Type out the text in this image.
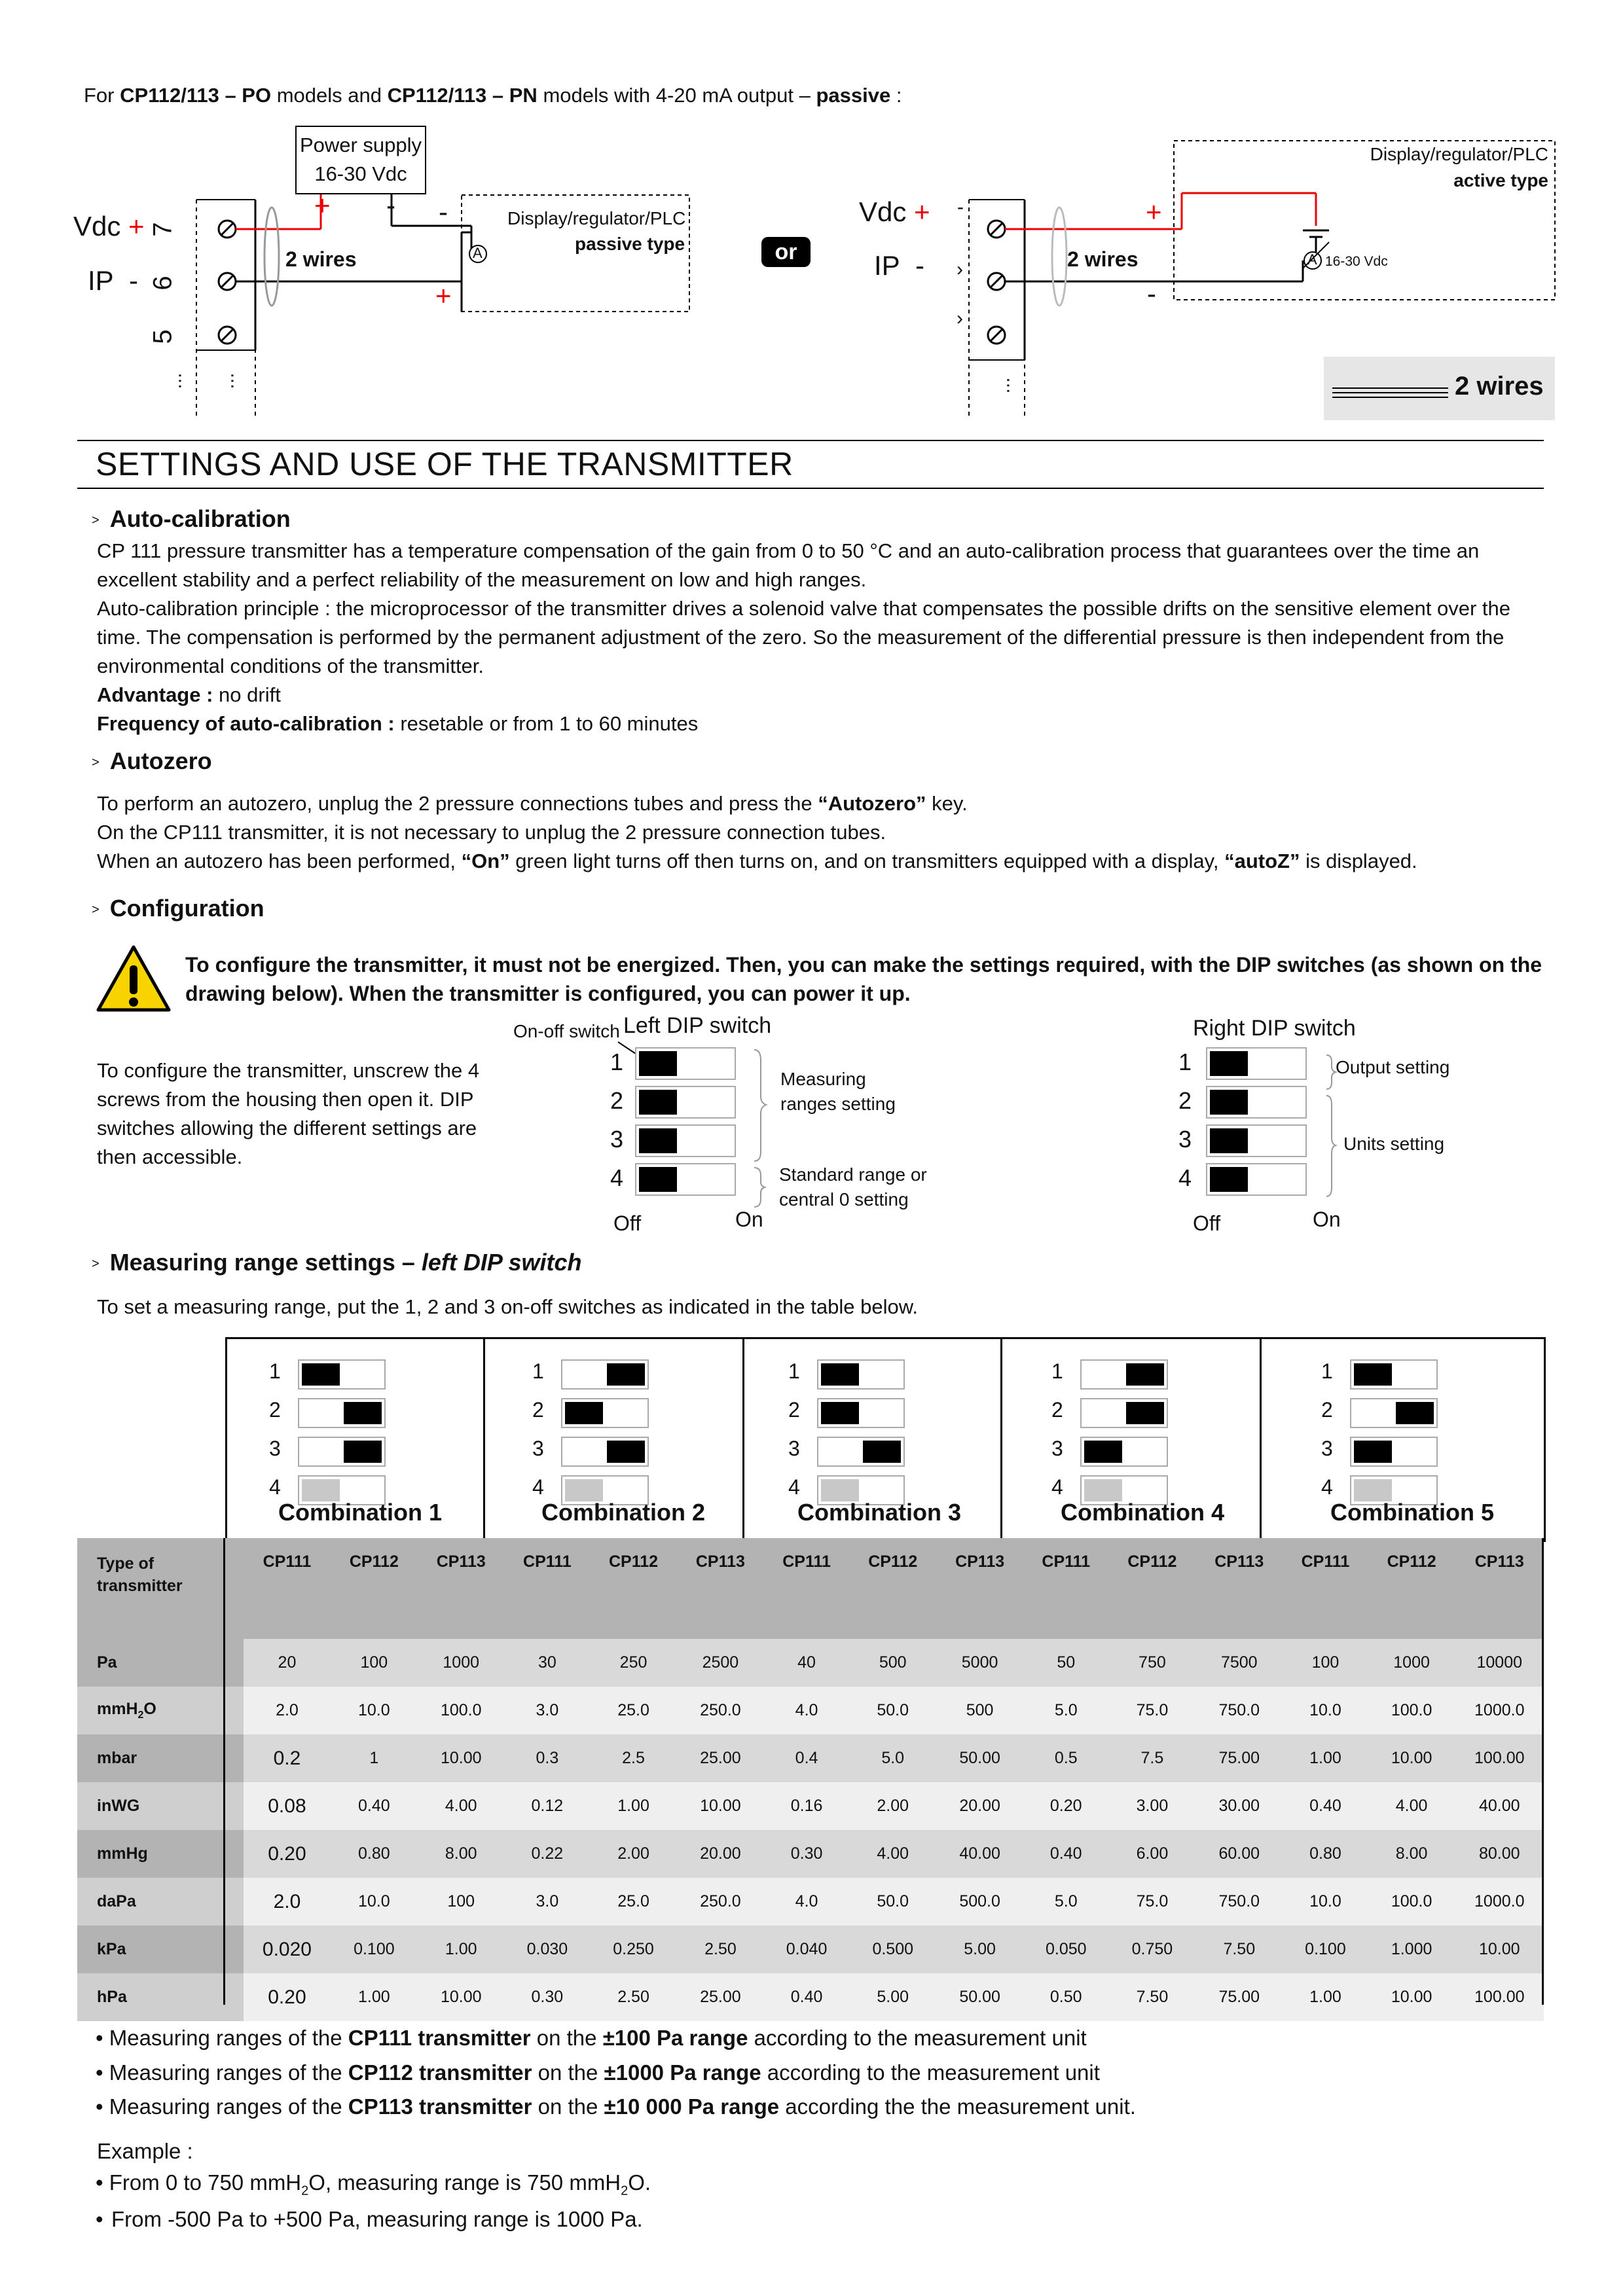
For CP112/113 – PO models and CP112/113 – PN models with 4-20 mA output – passive :
Power supply
16-30 Vdc
+ - -
+
Vdc +
IP -
7
6
5
... ...
2 wires
Display/regulator/PLC
passive type
A	or
Vdc +
IP -
-
›
›
+
-
2 wires
Display/regulator/PLC
active type
A 16-30 Vdc
...	2 wires
SETTINGS AND USE OF THE TRANSMITTER
> Auto-calibration

CP 111 pressure transmitter has a temperature compensation of the gain from 0 to 50 °C and an auto-calibration process that guarantees over the time an
excellent stability and a perfect reliability of the measurement on low and high ranges.
Auto-calibration principle : the microprocessor of the transmitter drives a solenoid valve that compensates the possible drifts on the sensitive element over the
time. The compensation is performed by the permanent adjustment of the zero. So the measurement of the differential pressure is then independent from the
environmental conditions of the transmitter.
Advantage : no drift
Frequency of auto-calibration : resetable or from 1 to 60 minutes

> Autozero

To perform an autozero, unplug the 2 pressure connections tubes and press the “Autozero” key.
On the CP111 transmitter, it is not necessary to unplug the 2 pressure connection tubes.
When an autozero has been performed, “On” green light turns off then turns on, and on transmitters equipped with a display, “autoZ” is displayed.

> Configuration
To configure the transmitter, it must not be energized. Then, you can make the settings required, with the DIP switches (as shown on the
drawing below). When the transmitter is configured, you can power it up.
To configure the transmitter, unscrew the 4
screws from the housing then open it. DIP
switches allowing the different settings are
then accessible.
On-off switch Left DIP switch
1
2
3
4
Off	On
Measuring
ranges setting
Standard range or
central 0 setting
Right DIP switch
1
2
3
4
Off	On
Output setting
Units setting
> Measuring range settings – left DIP switch
To set a measuring range, put the 1, 2 and 3 on-off switches as indicated in the table below.
1
2
3
4
Combination 1
1
2
3
4
Combination 2
1
2
3
4
Combination 3
1
2
3
4
Combination 4
1
2
3
4
Combination 5
Type of
transmitter	CP111	CP112	CP113	CP111	CP112	CP113	CP111	CP112	CP113	CP111	CP112	CP113	CP111	CP112	CP113
Pa	20	100	1000	30	250	2500	40	500	5000	50	750	7500	100	1000	10000
mmH$_2$O	2.0	10.0	100.0	3.0	25.0	250.0	4.0	50.0	500	5.0	75.0	750.0	10.0	100.0	1000.0
mbar	0.2	1	10.00	0.3	2.5	25.00	0.4	5.0	50.00	0.5	7.5	75.00	1.00	10.00	100.00
inWG	0.08	0.40	4.00	0.12	1.00	10.00	0.16	2.00	20.00	0.20	3.00	30.00	0.40	4.00	40.00
mmHg	0.20	0.80	8.00	0.22	2.00	20.00	0.30	4.00	40.00	0.40	6.00	60.00	0.80	8.00	80.00
daPa	2.0	10.0	100	3.0	25.0	250.0	4.0	50.0	500.0	5.0	75.0	750.0	10.0	100.0	1000.0
kPa	0.020	0.100	1.00	0.030	0.250	2.50	0.040	0.500	5.00	0.050	0.750	7.50	0.100	1.000	10.00
hPa	0.20	1.00	10.00	0.30	2.50	25.00	0.40	5.00	50.00	0.50	7.50	75.00	1.00	10.00	100.00
• Measuring ranges of the CP111 transmitter on the ±100 Pa range according to the measurement unit
• Measuring ranges of the CP112 transmitter on the ±1000 Pa range according to the measurement unit
• Measuring ranges of the CP113 transmitter on the ±10 000 Pa range according the the measurement unit.
Example :
• From 0 to 750 mmH$_2$O, measuring range is 750 mmH$_2$O.
From -500 Pa to +500 Pa, measuring range is 1000 Pa.
•
